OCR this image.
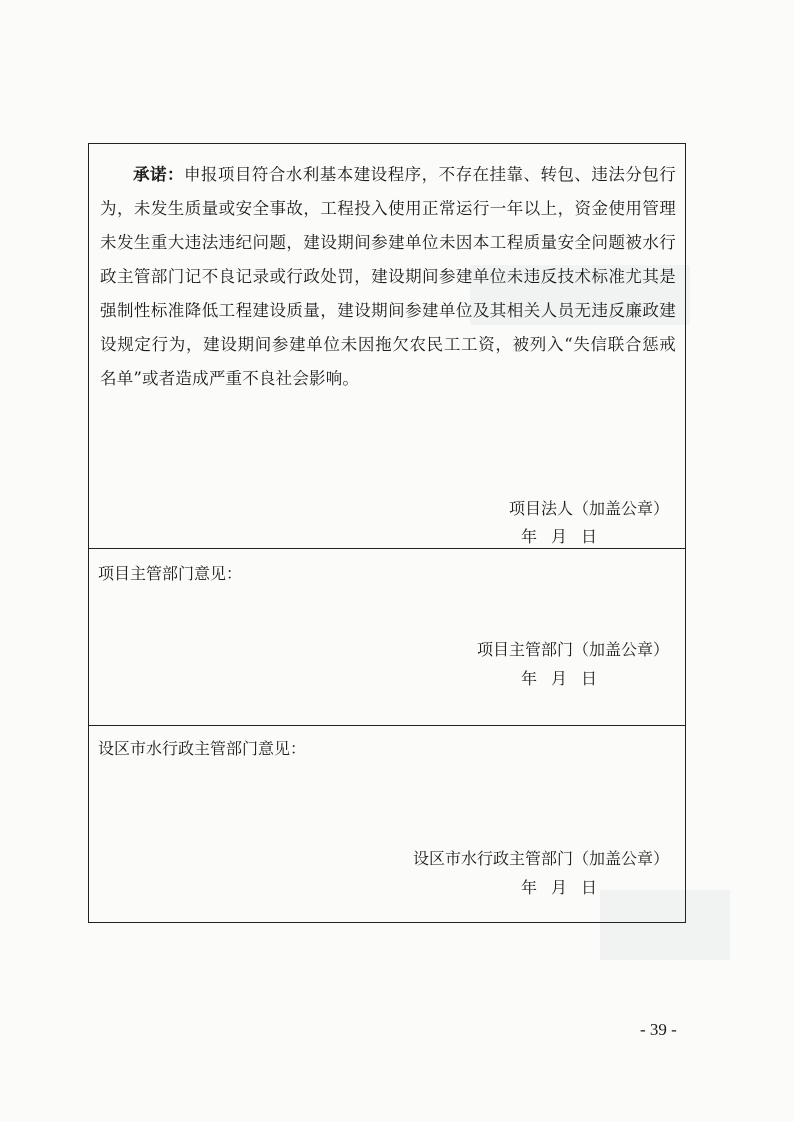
承诺：申报项目符合水利基本建设程序，不存在挂靠、转包、违法分包行为，未发生质量或安全事故，工程投入使用正常运行一年以上，资金使用管理未发生重大违法违纪问题，建设期间参建单位未因本工程质量安全问题被水行政主管部门记不良记录或行政处罚，建设期间参建单位未违反技术标准尤其是强制性标准降低工程建设质量，建设期间参建单位及其相关人员无违反廉政建设规定行为，建设期间参建单位未因拖欠农民工工资，被列入“失信联合惩戒名单”或者造成严重不良社会影响。

项目法人（加盖公章）
年 月 日
项目主管部门意见：
项目主管部门（加盖公章）
年 月 日
设区市水行政主管部门意见：
设区市水行政主管部门（加盖公章）
年 月 日
- 39 -
